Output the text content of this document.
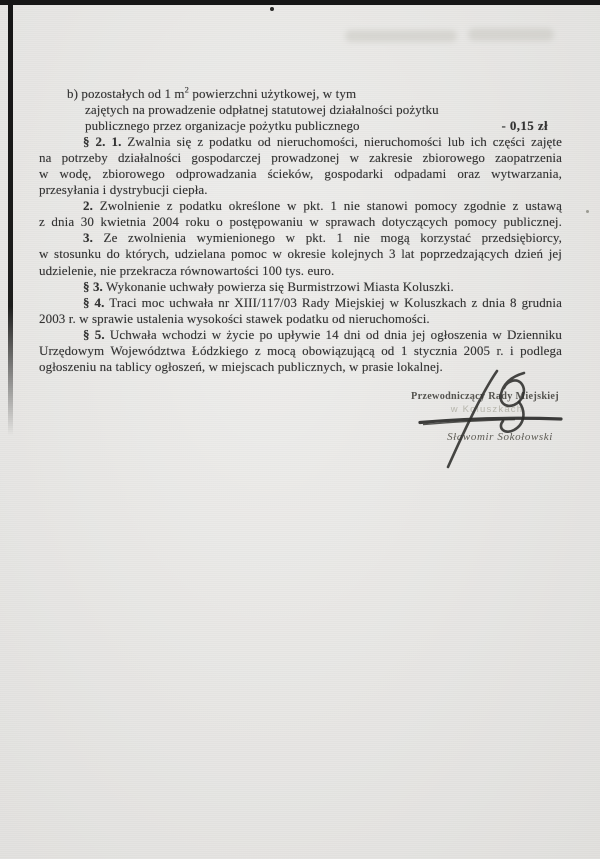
b) pozostałych od 1 $m^2$ powierzchni użytkowej, w tym

zajętych na prowadzenie odpłatnej statutowej działalności pożytku

publicznego przez organizacje pożytku publicznego	- 0,15 zł

§ 2. 1. Zwalnia się z podatku od nieruchomości, nieruchomości lub ich części zajęte

na potrzeby działalności gospodarczej prowadzonej w zakresie zbiorowego zaopatrzenia

w wodę, zbiorowego odprowadzania ścieków, gospodarki odpadami oraz wytwarzania,

przesyłania i dystrybucji ciepła.

2. Zwolnienie z podatku określone w pkt. 1 nie stanowi pomocy zgodnie z ustawą

z dnia 30 kwietnia 2004 roku o postępowaniu w sprawach dotyczących pomocy publicznej.

3. Ze zwolnienia wymienionego w pkt. 1 nie mogą korzystać przedsiębiorcy,

w stosunku do których, udzielana pomoc w okresie kolejnych 3 lat poprzedzających dzień jej

udzielenie, nie przekracza równowartości 100 tys. euro.

§ 3. Wykonanie uchwały powierza się Burmistrzowi Miasta Koluszki.

§ 4. Traci moc uchwała nr XIII/117/03 Rady Miejskiej w Koluszkach z dnia 8 grudnia

2003 r. w sprawie ustalenia wysokości stawek podatku od nieruchomości.

§ 5. Uchwała wchodzi w życie po upływie 14 dni od dnia jej ogłoszenia w Dzienniku

Urzędowym Województwa Łódzkiego z mocą obowiązującą od 1 stycznia 2005 r. i podlega

ogłoszeniu na tablicy ogłoszeń, w miejscach publicznych, w prasie lokalnej.

Przewodniczący Rady Miejskiej
w Koluszkach
Sławomir Sokołowski
